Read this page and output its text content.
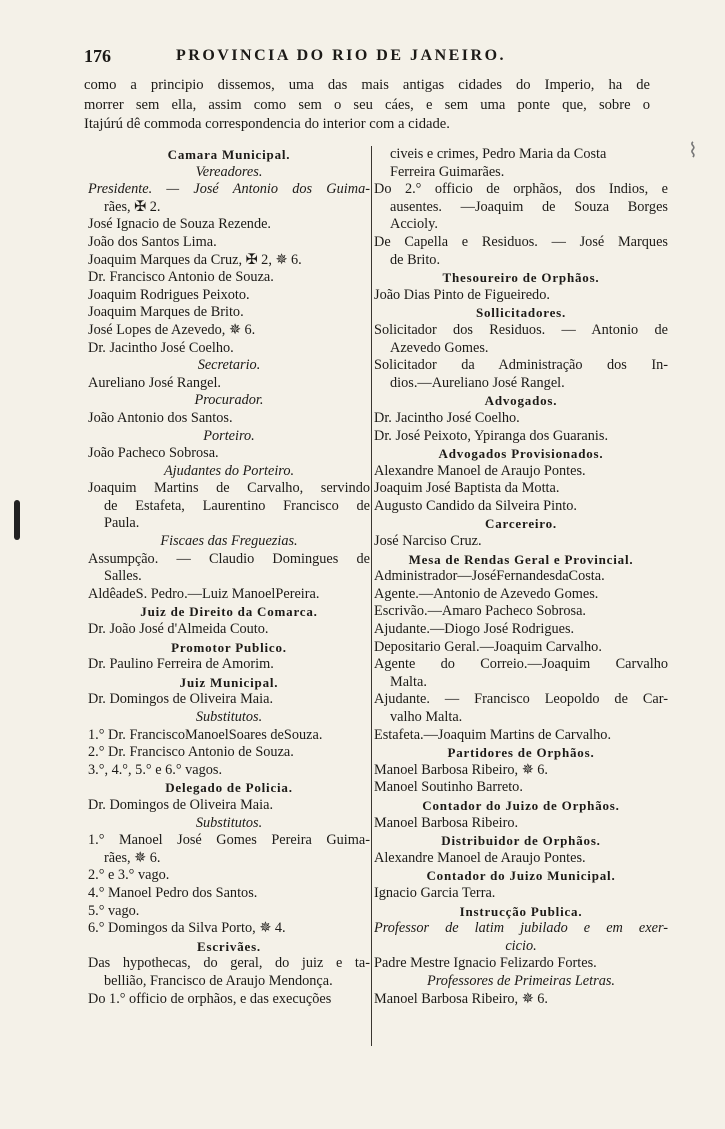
176	PROVINCIA DO RIO DE JANEIRO.
como a principio dissemos, uma das mais antigas cidades do Imperio, ha de
morrer sem ella, assim como sem o seu cáes, e sem uma ponte que, sobre o
Itajúrú dê commoda correspondencia do interior com a cidade.
Camara Municipal.
Vereadores.
Presidente. — José Antonio dos Guima-
rães, ✠ 2.
José Ignacio de Souza Rezende.
João dos Santos Lima.
Joaquim Marques da Cruz, ✠ 2, ✵ 6.
Dr. Francisco Antonio de Souza.
Joaquim Rodrigues Peixoto.
Joaquim Marques de Brito.
José Lopes de Azevedo, ✵ 6.
Dr. Jacintho José Coelho.
Secretario.
Aureliano José Rangel.
Procurador.
João Antonio dos Santos.
Porteiro.
João Pacheco Sobrosa.
Ajudantes do Porteiro.
Joaquim Martins de Carvalho, servindo
de Estafeta, Laurentino Francisco de
Paula.
Fiscaes das Freguezias.
Assumpção. — Claudio Domingues de
Salles.
AldêadeS. Pedro.—Luiz ManoelPereira.
Juiz de Direito da Comarca.
Dr. João José d'Almeida Couto.
Promotor Publico.
Dr. Paulino Ferreira de Amorim.
Juiz Municipal.
Dr. Domingos de Oliveira Maia.
Substitutos.
1.° Dr. FranciscoManoelSoares deSouza.
2.° Dr. Francisco Antonio de Souza.
3.°, 4.°, 5.° e 6.° vagos.
Delegado de Policia.
Dr. Domingos de Oliveira Maia.
Substitutos.
1.° Manoel José Gomes Pereira Guima-
rães, ✵ 6.
2.° e 3.° vago.
4.° Manoel Pedro dos Santos.
5.° vago.
6.° Domingos da Silva Porto, ✵ 4.
Escrivães.
Das hypothecas, do geral, do juiz e ta-
bellião, Francisco de Araujo Mendonça.
Do 1.° officio de orphãos, e das execuções
civeis e crimes, Pedro Maria da Costa
Ferreira Guimarães.
Do 2.° officio de orphãos, dos Indios, e
ausentes. —Joaquim de Souza Borges
Accioly.
De Capella e Residuos. — José Marques
de Brito.
Thesoureiro de Orphãos.
João Dias Pinto de Figueiredo.
Sollicitadores.
Solicitador dos Residuos. — Antonio de
Azevedo Gomes.
Solicitador da Administração dos In-
dios.—Aureliano José Rangel.
Advogados.
Dr. Jacintho José Coelho.
Dr. José Peixoto, Ypiranga dos Guaranis.
Advogados Provisionados.
Alexandre Manoel de Araujo Pontes.
Joaquim José Baptista da Motta.
Augusto Candido da Silveira Pinto.
Carcereiro.
José Narciso Cruz.
Mesa de Rendas Geral e Provincial.
Administrador—JoséFernandesdaCosta.
Agente.—Antonio de Azevedo Gomes.
Escrivão.—Amaro Pacheco Sobrosa.
Ajudante.—Diogo José Rodrigues.
Depositario Geral.—Joaquim Carvalho.
Agente do Correio.—Joaquim Carvalho
Malta.
Ajudante. — Francisco Leopoldo de Car-
valho Malta.
Estafeta.—Joaquim Martins de Carvalho.
Partidores de Orphãos.
Manoel Barbosa Ribeiro, ✵ 6.
Manoel Soutinho Barreto.
Contador do Juizo de Orphãos.
Manoel Barbosa Ribeiro.
Distribuidor de Orphãos.
Alexandre Manoel de Araujo Pontes.
Contador do Juizo Municipal.
Ignacio Garcia Terra.
Instrucção Publica.
Professor de latim jubilado e em exer-
cicio.
Padre Mestre Ignacio Felizardo Fortes.
Professores de Primeiras Letras.
Manoel Barbosa Ribeiro, ✵ 6.
⌇
